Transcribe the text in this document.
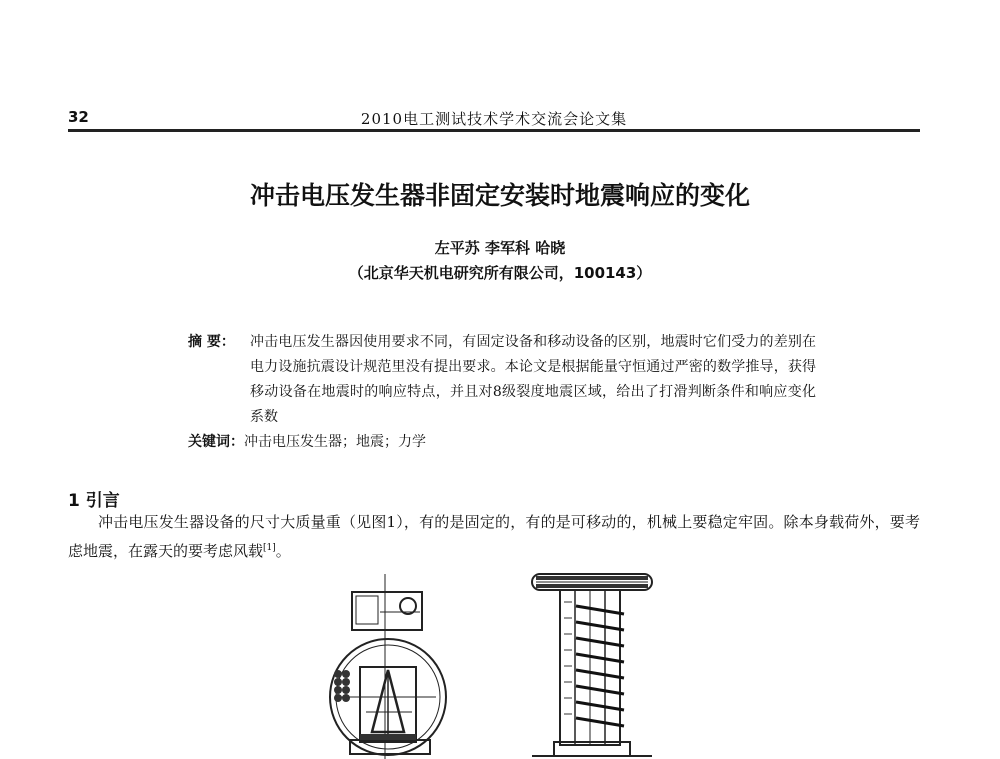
32	2010电工测试技术学术交流会论文集
冲击电压发生器非固定安装时地震响应的变化
左平苏 李军科 哈晓
（北京华天机电研究所有限公司，100143）
摘 要： 冲击电压发生器因使用要求不同，有固定设备和移动设备的区别，地震时它们受力的差别在电力设施抗震设计规范里没有提出要求。本论文是根据能量守恒通过严密的数学推导，获得移动设备在地震时的响应特点，并且对8级裂度地震区域，给出了打滑判断条件和响应变化系数
关键词：冲击电压发生器；地震；力学
1 引言
冲击电压发生器设备的尺寸大质量重（见图1），有的是固定的，有的是可移动的，机械上要稳定牢固。除本身载荷外，要考虑地震，在露天的要考虑风载[1]。
